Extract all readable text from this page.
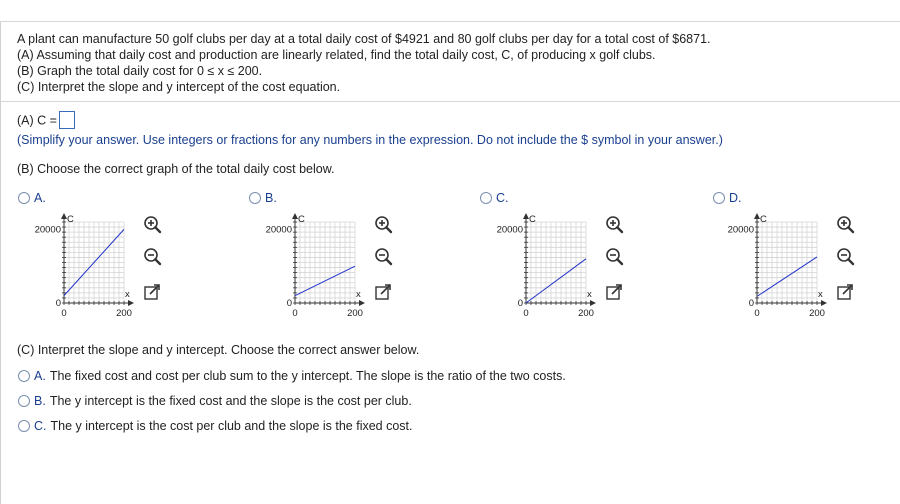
A plant can manufacture 50 golf clubs per day at a total daily cost of $4921 and 80 golf clubs per day for a total cost of $6871.
(A) Assuming that daily cost and production are linearly related, find the total daily cost, C, of producing x golf clubs.
(B) Graph the total daily cost for 0 ≤ x ≤ 200.
(C) Interpret the slope and y intercept of the cost equation.
(A) C =
(Simplify your answer. Use integers or fractions for any numbers in the expression. Do not include the $ symbol in your answer.)
(B) Choose the correct graph of the total daily cost below.
A.	B.	C.	D.
C
20000
0
x
0	200
C
20000
0
x
0	200
C
20000
0
x
0	200
C
20000
0
x
0	200
(C) Interpret the slope and y intercept. Choose the correct answer below.
A. The fixed cost and cost per club sum to the y intercept. The slope is the ratio of the two costs.
B. The y intercept is the fixed cost and the slope is the cost per club.
C. The y intercept is the cost per club and the slope is the fixed cost.
